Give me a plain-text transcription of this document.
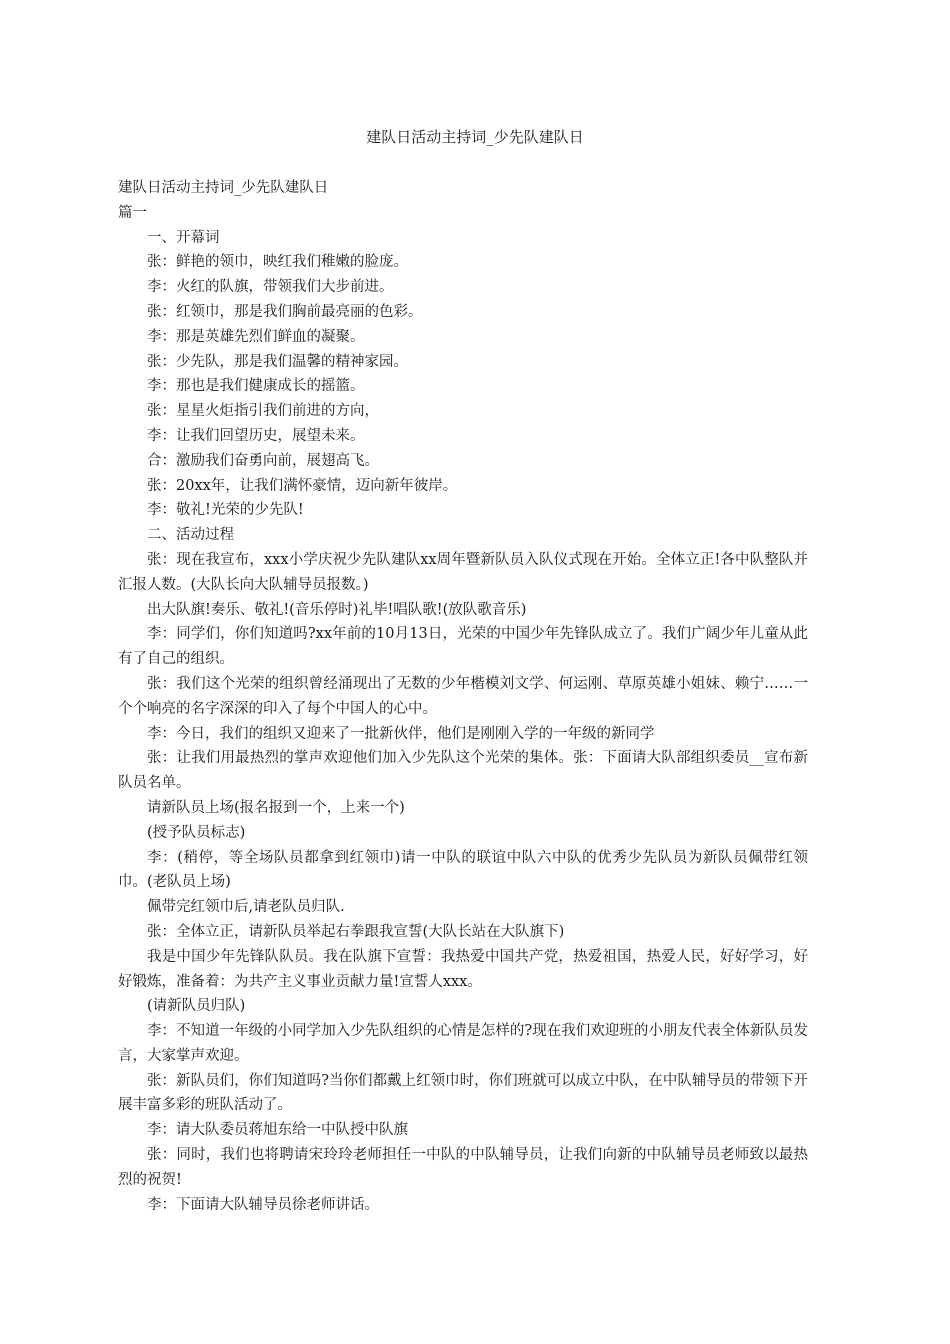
建队日活动主持词_少先队建队日

建队日活动主持词_少先队建队日

篇一

一、开幕词

张：鲜艳的领巾，映红我们稚嫩的脸庞。

李：火红的队旗，带领我们大步前进。

张：红领巾，那是我们胸前最亮丽的色彩。

李：那是英雄先烈们鲜血的凝聚。

张：少先队，那是我们温馨的精神家园。

李：那也是我们健康成长的摇篮。

张：星星火炬指引我们前进的方向，

李：让我们回望历史，展望未来。

合：激励我们奋勇向前，展翅高飞。

张：20xx年，让我们满怀豪情，迈向新年彼岸。

李：敬礼!光荣的少先队!

二、活动过程

张：现在我宣布，xxx小学庆祝少先队建队xx周年暨新队员入队仪式现在开始。全体立正!各中队整队并汇报人数。(大队长向大队辅导员报数。)

出大队旗!奏乐、敬礼!(音乐停时)礼毕!唱队歌!(放队歌音乐)

李：同学们，你们知道吗?xx年前的10月13日，光荣的中国少年先锋队成立了。我们广阔少年儿童从此有了自己的组织。

张：我们这个光荣的组织曾经涌现出了无数的少年楷模刘文学、何运刚、草原英雄小姐妹、赖宁……一个个响亮的名字深深的印入了每个中国人的心中。

李：今日，我们的组织又迎来了一批新伙伴，他们是刚刚入学的一年级的新同学

张：让我们用最热烈的掌声欢迎他们加入少先队这个光荣的集体。张：下面请大队部组织委员__宣布新队员名单。

请新队员上场(报名报到一个，上来一个)

(授予队员标志)

李：(稍停，等全场队员都拿到红领巾)请一中队的联谊中队六中队的优秀少先队员为新队员佩带红领巾。(老队员上场)

佩带完红领巾后,请老队员归队.

张：全体立正，请新队员举起右拳跟我宣誓(大队长站在大队旗下)

我是中国少年先锋队队员。我在队旗下宣誓：我热爱中国共产党，热爱祖国，热爱人民，好好学习，好好锻炼，准备着：为共产主义事业贡献力量!宣誓人xxx。

(请新队员归队)

李：不知道一年级的小同学加入少先队组织的心情是怎样的?现在我们欢迎班的小朋友代表全体新队员发言，大家掌声欢迎。

张：新队员们，你们知道吗?当你们都戴上红领巾时，你们班就可以成立中队，在中队辅导员的带领下开展丰富多彩的班队活动了。

李：请大队委员蒋旭东给一中队授中队旗

张：同时，我们也将聘请宋玲玲老师担任一中队的中队辅导员，让我们向新的中队辅导员老师致以最热烈的祝贺!

李：下面请大队辅导员徐老师讲话。
